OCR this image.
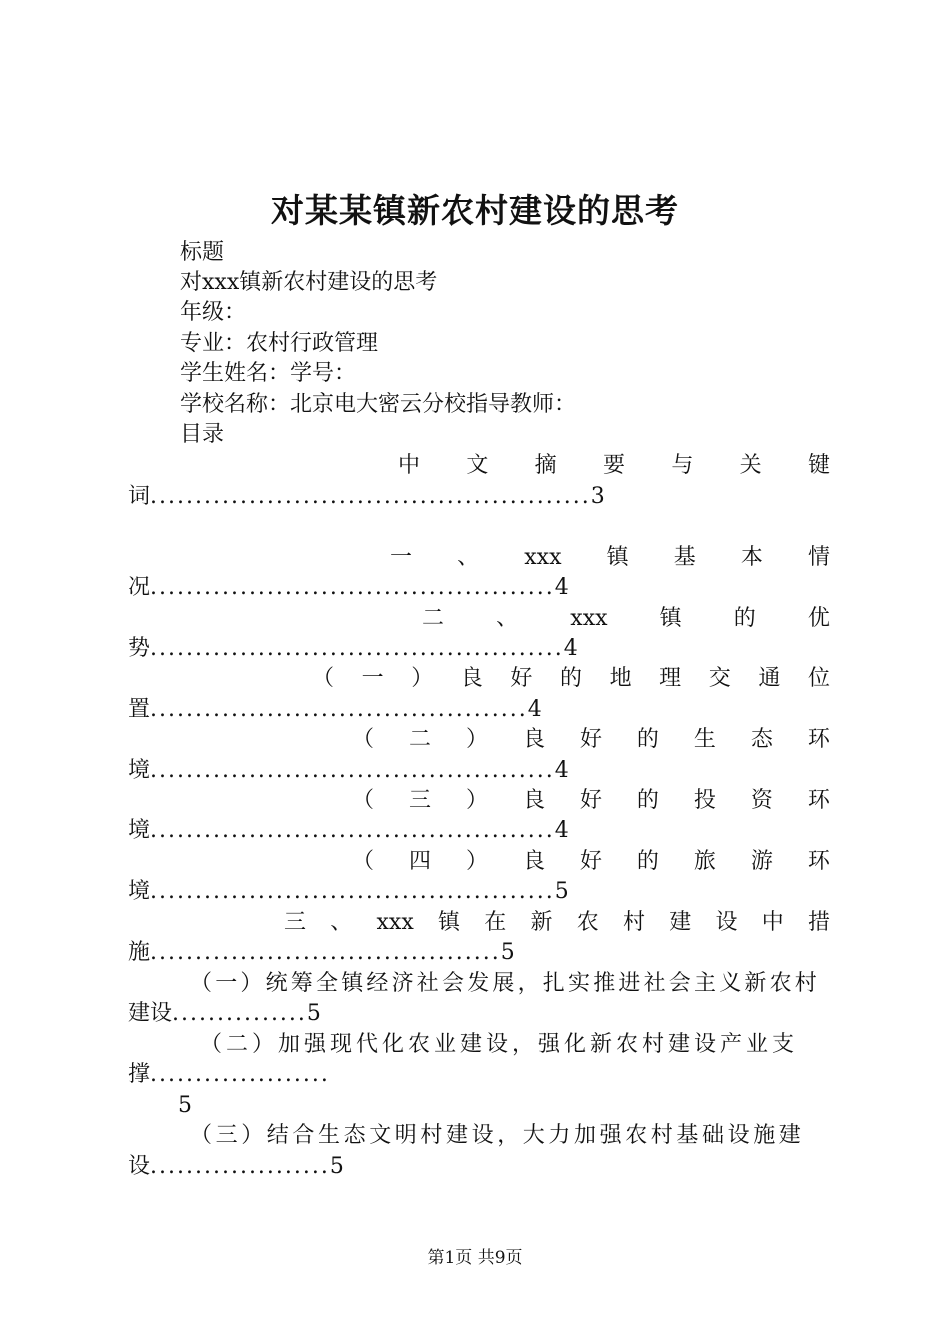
对某某镇新农村建设的思考
标题
对xxx镇新农村建设的思考
年级：
专业：农村行政管理
学生姓名：学号：
学校名称：北京电大密云分校指导教师：
目录
中 文 摘 要 与 关 键
词.................................................3
一 、 xxx 镇 基 本 情
况.............................................4
二 、 xxx 镇 的 优
势..............................................4
（ 一 ） 良 好 的 地 理 交 通 位
置..........................................4
（ 二 ） 良 好 的 生 态 环
境.............................................4
（ 三 ） 良 好 的 投 资 环
境.............................................4
（ 四 ） 良 好 的 旅 游 环
境.............................................5
三 、 xxx 镇 在 新 农 村 建 设 中 措
施.......................................5
（一）统筹全镇经济社会发展，扎实推进社会主义新农村
建设...............5
（二）加强现代化农业建设，强化新农村建设产业支
撑....................
5
（三）结合生态文明村建设，大力加强农村基础设施建
设....................5
第1页 共9页
